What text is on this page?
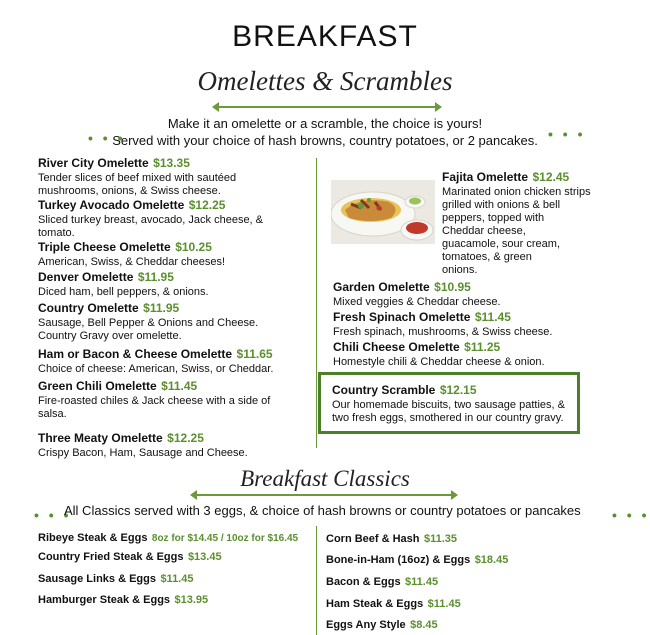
BREAKFAST
Omelettes & Scrambles
Make it an omelette or a scramble, the choice is yours!
Served with your choice of hash browns, country potatoes, or 2 pancakes.
• • •	• • •
River City Omelette $13.35
Tender slices of beef mixed with sautéed
mushrooms, onions, & Swiss cheese.
Turkey Avocado Omelette $12.25
Sliced turkey breast, avocado, Jack cheese, &
tomato.
Triple Cheese Omelette $10.25
American, Swiss, & Cheddar cheeses!
Denver Omelette $11.95
Diced ham, bell peppers, & onions.
Country Omelette $11.95
Sausage, Bell Pepper & Onions and Cheese.
Country Gravy over omelette.
Ham or Bacon & Cheese Omelette $11.65
Choice of cheese: American, Swiss, or Cheddar.
Green Chili Omelette $11.45
Fire-roasted chiles & Jack cheese with a side of
salsa.
Three Meaty Omelette $12.25
Crispy Bacon, Ham, Sausage and Cheese.
Fajita Omelette $12.45
Marinated onion chicken strips
grilled with onions & bell
peppers, topped with
Cheddar cheese,
guacamole, sour cream,
tomatoes, & green
onions.
Garden Omelette $10.95
Mixed veggies & Cheddar cheese.
Fresh Spinach Omelette $11.45
Fresh spinach, mushrooms, & Swiss cheese.
Chili Cheese Omelette $11.25
Homestyle chili & Cheddar cheese & onion.
Country Scramble $12.15
Our homemade biscuits, two sausage patties, &
two fresh eggs, smothered in our country gravy.
Breakfast Classics
• • •
All Classics served with 3 eggs, & choice of hash browns or country potatoes or pancakes	• • •
Ribeye Steak & Eggs 8oz for $14.45 / 10oz for $16.45
Country Fried Steak & Eggs $13.45
Sausage Links & Eggs $11.45
Hamburger Steak & Eggs $13.95
Corn Beef & Hash $11.35
Bone-in-Ham (16oz) & Eggs $18.45
Bacon & Eggs $11.45
Ham Steak & Eggs $11.45
Eggs Any Style $8.45
